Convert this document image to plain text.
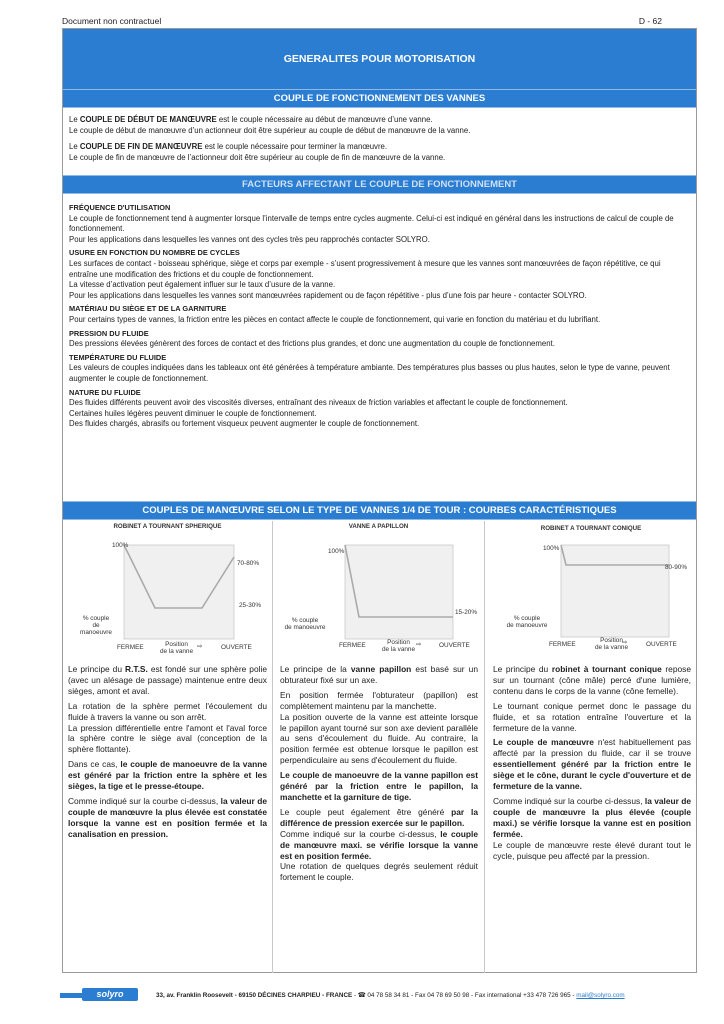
Document non contractuel	D - 62
GENERALITES POUR MOTORISATION
COUPLE DE FONCTIONNEMENT DES VANNES

Le COUPLE DE DÉBUT DE MANŒUVRE est le couple nécessaire au début de manœuvre d’une vanne.

Le couple de début de manœuvre d’un actionneur doit être supérieur au couple de début de manœuvre de la vanne.

Le COUPLE DE FIN DE MANŒUVRE est le couple nécessaire pour terminer la manœuvre.

Le couple de fin de manœuvre de l’actionneur doit être supérieur au couple de fin de manœuvre de la vanne.

FACTEURS AFFECTANT LE COUPLE DE FONCTIONNEMENT
FRÉQUENCE D'UTILISATION

Le couple de fonctionnement tend à augmenter lorsque l’intervalle de temps entre cycles augmente. Celui-ci est indiqué en général dans les instructions de calcul de couple de fonctionnement.

Pour les applications dans lesquelles les vannes ont des cycles très peu rapprochés contacter SOLYRO.

USURE EN FONCTION DU NOMBRE DE CYCLES

Les surfaces de contact - boisseau sphérique, siège et corps par exemple - s’usent progressivement à mesure que les vannes sont manœuvrées de façon répétitive, ce qui entraîne une modification des frictions et du couple de fonctionnement.

La vitesse d’activation peut également influer sur le taux d’usure de la vanne.

Pour les applications dans lesquelles les vannes sont manœuvrées rapidement ou de façon répétitive - plus d’une fois par heure - contacter SOLYRO.

MATÉRIAU DU SIÈGE ET DE LA GARNITURE

Pour certains types de vannes, la friction entre les pièces en contact affecte le couple de fonctionnement, qui varie en fonction du matériau et du lubrifiant.

PRESSION DU FLUIDE

Des pressions élevées génèrent des forces de contact et des frictions plus grandes, et donc une augmentation du couple de fonctionnement.

TEMPÉRATURE DU FLUIDE

Les valeurs de couples indiquées dans les tableaux ont été générées à température ambiante. Des températures plus basses ou plus hautes, selon le type de vanne, peuvent augmenter le couple de fonctionnement.

NATURE DU FLUIDE

Des fluides différents peuvent avoir des viscosités diverses, entraînant des niveaux de friction variables et affectant le couple de fonctionnement.

Certaines huiles légères peuvent diminuer le couple de fonctionnement.

Des fluides chargés, abrasifs ou fortement visqueux peuvent augmenter le couple de fonctionnement.

COUPLES DE MANŒUVRE SELON LE TYPE DE VANNES 1/4 DE TOUR : COURBES CARACTÉRISTIQUES
ROBINET A TOURNANT SPHERIQUE
100%
70-80%
25-30%
% couple
de manoeuvre
FERMEE	Position
de la vanne
⇨	OUVERTE
VANNE A PAPILLON
100%
15-20%
% couple
de manoeuvre
FERMEE	Position
de la vanne
⇨	OUVERTE
ROBINET A TOURNANT CONIQUE
100%
80-90%
% couple
de manoeuvre
FERMEE
Position
de la vanne
⇨	OUVERTE

Le principe du R.T.S. est fondé sur une sphère polie (avec un alésage de passage) maintenue entre deux sièges, amont et aval.

La rotation de la sphère permet l'écoulement du fluide à travers la vanne ou son arrêt.

La pression différentielle entre l'amont et l'aval force la sphère contre le siège aval (conception de la sphère flottante).

Dans ce cas, le couple de manoeuvre de la vanne est généré par la friction entre la sphère et les sièges, la tige et le presse-étoupe.

Comme indiqué sur la courbe ci-dessus, la valeur de couple de manœuvre la plus élevée est constatée lorsque la vanne est en position fermée et la canalisation en pression.

Le principe de la vanne papillon est basé sur un obturateur fixé sur un axe.

En position fermée l'obturateur (papillon) est complètement maintenu par la manchette.

La position ouverte de la vanne est atteinte lorsque le papillon ayant tourné sur son axe devient parallèle au sens d'écoulement du fluide. Au contraire, la position fermée est obtenue lorsque le papillon est perpendiculaire au sens d'écoulement du fluide.

Le couple de manoeuvre de la vanne papillon est généré par la friction entre le papillon, la manchette et la garniture de tige.

Le couple peut également être généré par la différence de pression exercée sur le papillon.

Comme indiqué sur la courbe ci-dessus, le couple de manœuvre maxi. se vérifie lorsque la vanne est en position fermée.

Une rotation de quelques degrés seulement réduit fortement le couple.

Le principe du robinet à tournant conique repose sur un tournant (cône mâle) percé d'une lumière, contenu dans le corps de la vanne (cône femelle).

Le tournant conique permet donc le passage du fluide, et sa rotation entraîne l'ouverture et la fermeture de la vanne.

Le couple de manœuvre n'est habituellement pas affecté par la pression du fluide, car il se trouve essentiellement généré par la friction entre le siège et le cône, durant le cycle d'ouverture et de fermeture de la vanne.

Comme indiqué sur la courbe ci-dessus, la valeur de couple de manœuvre la plus élevée (couple maxi.) se vérifie lorsque la vanne est en position fermée.

Le couple de manœuvre reste élevé durant tout le cycle, puisque peu affecté par la pression.

solyro	33, av. Franklin Roosevelt - 69150 DÉCINES CHARPIEU - FRANCE - ☎ 04 78 58 34 81 - Fax 04 78 69 50 98 - Fax international +33 478 726 965 - mail@solyro.com
